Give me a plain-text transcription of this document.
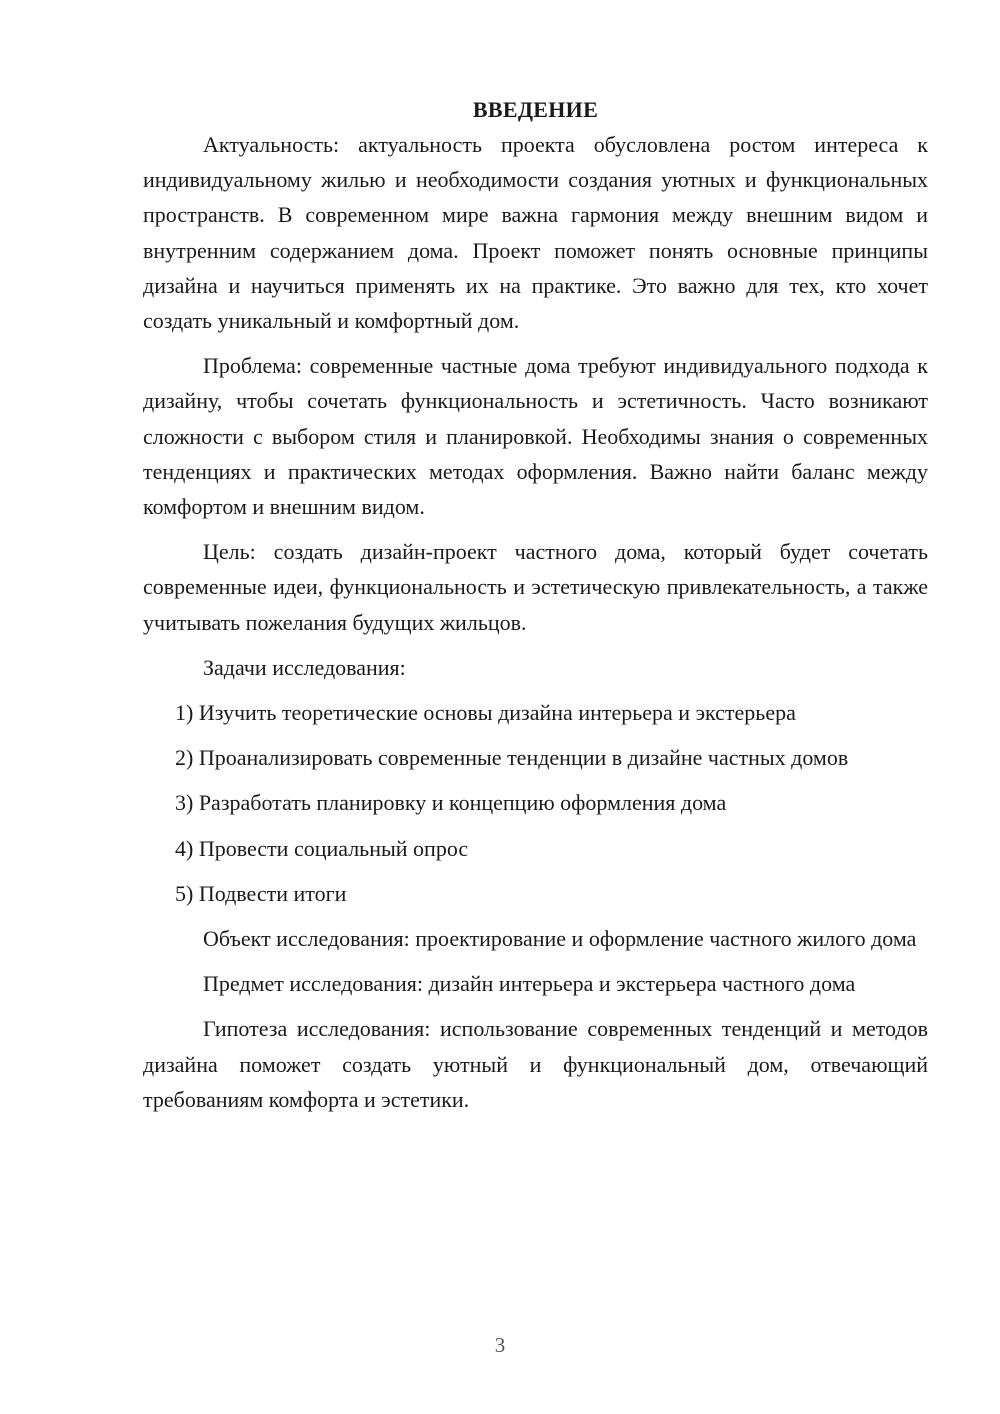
ВВЕДЕНИЕ

Актуальность: актуальность проекта обусловлена ростом интереса к индивидуальному жилью и необходимости создания уютных и функциональных пространств. В современном мире важна гармония между внешним видом и внутренним содержанием дома. Проект поможет понять основные принципы дизайна и научиться применять их на практике. Это важно для тех, кто хочет создать уникальный и комфортный дом.

Проблема: современные частные дома требуют индивидуального подхода к дизайну, чтобы сочетать функциональность и эстетичность. Часто возникают сложности с выбором стиля и планировкой. Необходимы знания о современных тенденциях и практических методах оформления. Важно найти баланс между комфортом и внешним видом.

Цель: создать дизайн-проект частного дома, который будет сочетать современные идеи, функциональность и эстетическую привлекательность, а также учитывать пожелания будущих жильцов.

Задачи исследования:

1) Изучить теоретические основы дизайна интерьера и экстерьера

2) Проанализировать современные тенденции в дизайне частных домов

3) Разработать планировку и концепцию оформления дома

4) Провести социальный опрос

5) Подвести итоги

Объект исследования: проектирование и оформление частного жилого дома

Предмет исследования: дизайн интерьера и экстерьера частного дома

Гипотеза исследования: использование современных тенденций и методов дизайна поможет создать уютный и функциональный дом, отвечающий требованиям комфорта и эстетики.

3
